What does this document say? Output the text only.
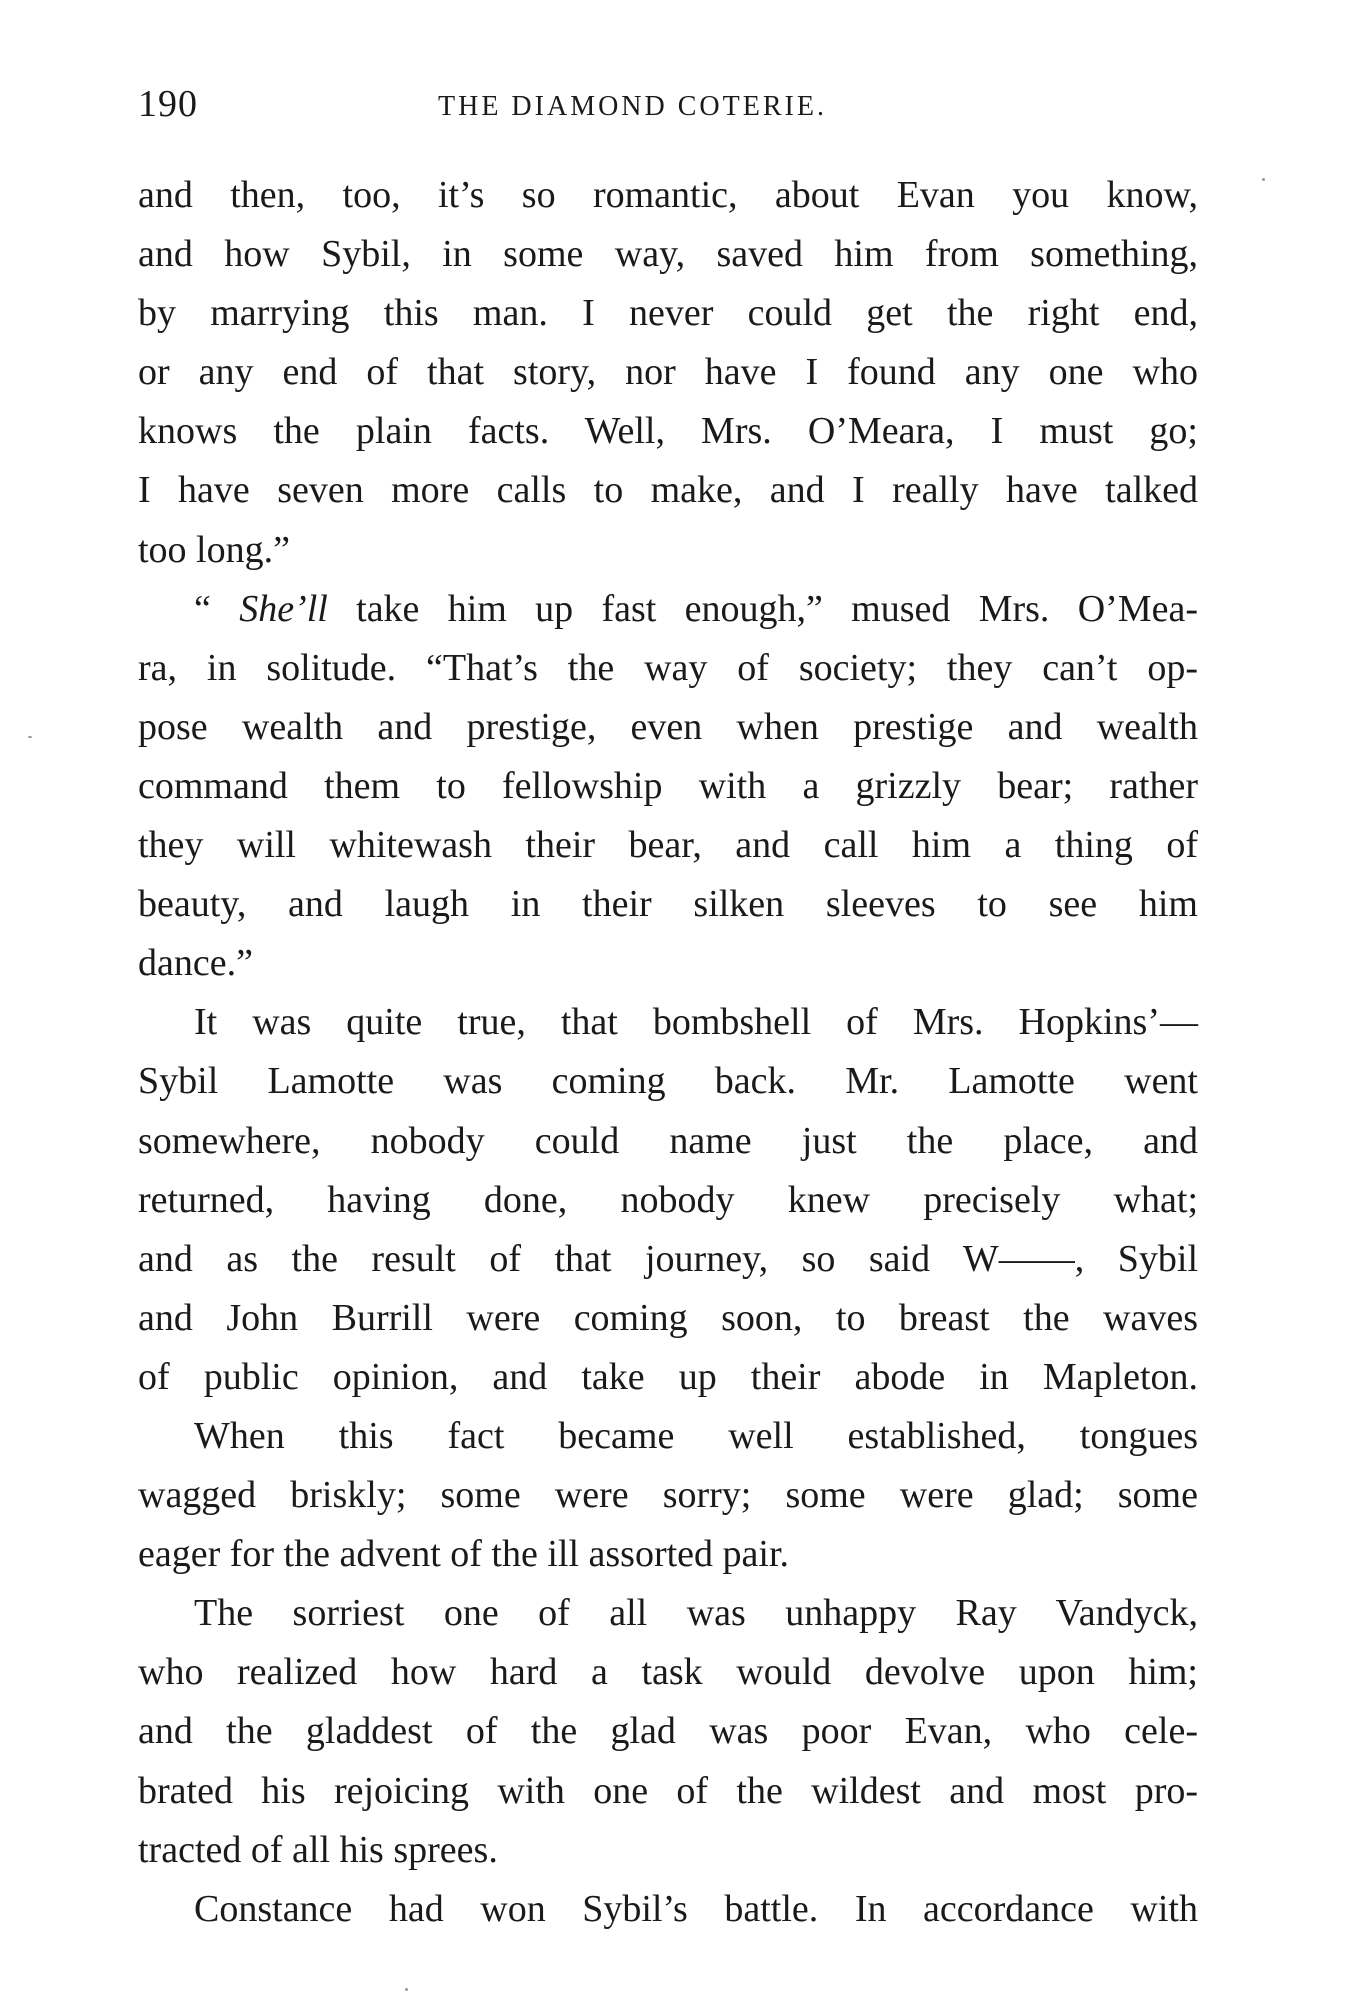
190	THE DIAMOND COTERIE.

and then, too, it’s so romantic, about Evan you know,
and how Sybil, in some way, saved him from something,
by marrying this man. I never could get the right end,
or any end of that story, nor have I found any one who
knows the plain facts. Well, Mrs. O’Meara, I must go;
I have seven more calls to make, and I really have talked
too long.”

“ She’ll take him up fast enough,” mused Mrs. O’Mea-
ra, in solitude. “That’s the way of society; they can’t op-
pose wealth and prestige, even when prestige and wealth
command them to fellowship with a grizzly bear; rather
they will whitewash their bear, and call him a thing of
beauty, and laugh in their silken sleeves to see him
dance.”

It was quite true, that bombshell of Mrs. Hopkins’—
Sybil Lamotte was coming back. Mr. Lamotte went
somewhere, nobody could name just the place, and
returned, having done, nobody knew precisely what;
and as the result of that journey, so said W——, Sybil
and John Burrill were coming soon, to breast the waves
of public opinion, and take up their abode in Mapleton.

When this fact became well established, tongues
wagged briskly; some were sorry; some were glad; some
eager for the advent of the ill assorted pair.

The sorriest one of all was unhappy Ray Vandyck,
who realized how hard a task would devolve upon him;
and the gladdest of the glad was poor Evan, who cele-
brated his rejoicing with one of the wildest and most pro-
tracted of all his sprees.

Constance had won Sybil’s battle. In accordance with
